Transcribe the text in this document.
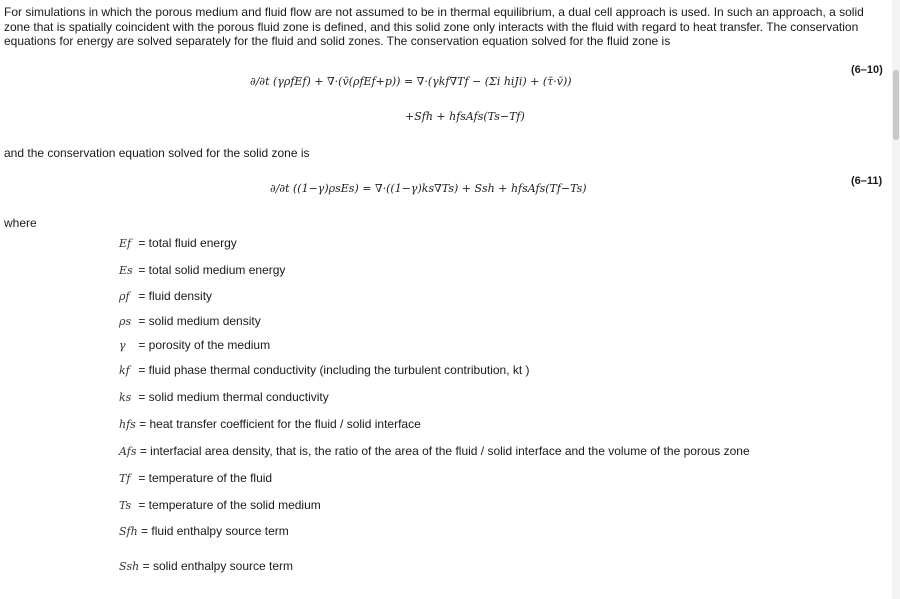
For simulations in which the porous medium and fluid flow are not assumed to be in thermal equilibrium, a dual cell approach is used. In such an approach, a solid zone that is spatially coincident with the porous fluid zone is defined, and this solid zone only interacts with the fluid with regard to heat transfer. The conservation equations for energy are solved separately for the fluid and solid zones. The conservation equation solved for the fluid zone is

∂/∂t (γρfEf) + ∇·(v̄(ρfEf+p)) = ∇·(γkf∇Tf − (Σi hiJi) + (τ̄·v̄))
+Sfh + hfsAfs(Ts−Tf)
(6–10)

and the conservation equation solved for the solid zone is

∂/∂t ((1−γ)ρsEs) = ∇·((1−γ)ks∇Ts) + Ssh + hfsAfs(Tf−Ts)
(6–11)
where
Ef = total fluid energy
Es = total solid medium energy
ρf = fluid density
ρs = solid medium density
γ = porosity of the medium
kf = fluid phase thermal conductivity (including the turbulent contribution, kt )
ks = solid medium thermal conductivity
hfs = heat transfer coefficient for the fluid / solid interface
Afs = interfacial area density, that is, the ratio of the area of the fluid / solid interface and the volume of the porous zone
Tf = temperature of the fluid
Ts = temperature of the solid medium
Sfh = fluid enthalpy source term
Ssh = solid enthalpy source term
